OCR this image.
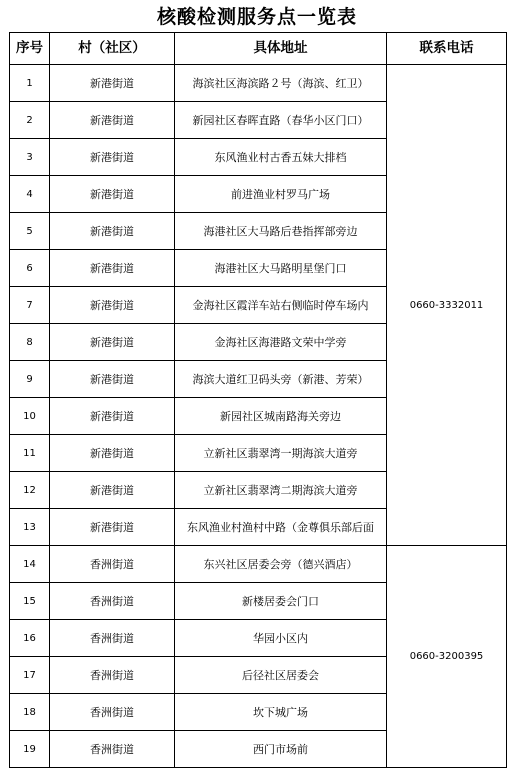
核酸检测服务点一览表
序号	村（社区）	具体地址	联系电话
1	新港街道	海滨社区海滨路２号（海滨、红卫）	0660-3332011
2	新港街道	新园社区春晖直路（春华小区门口）	
3	新港街道	东风渔业村古香五妹大排档	
4	新港街道	前进渔业村罗马广场	
5	新港街道	海港社区大马路后巷指挥部旁边	
6	新港街道	海港社区大马路明星堡门口	
7	新港街道	金海社区霞洋车站右侧临时停车场内	
8	新港街道	金海社区海港路文荣中学旁	
9	新港街道	海滨大道红卫码头旁（新港、芳荣）	
10	新港街道	新园社区城南路海关旁边	
11	新港街道	立新社区翡翠湾一期海滨大道旁	
12	新港街道	立新社区翡翠湾二期海滨大道旁	
13	新港街道	东风渔业村渔村中路（金尊俱乐部后面	
14	香洲街道	东兴社区居委会旁（德兴酒店）	0660-3200395
15	香洲街道	新楼居委会门口	
16	香洲街道	华园小区内	
17	香洲街道	后径社区居委会	
18	香洲街道	坎下城广场	
19	香洲街道	西门市场前	
